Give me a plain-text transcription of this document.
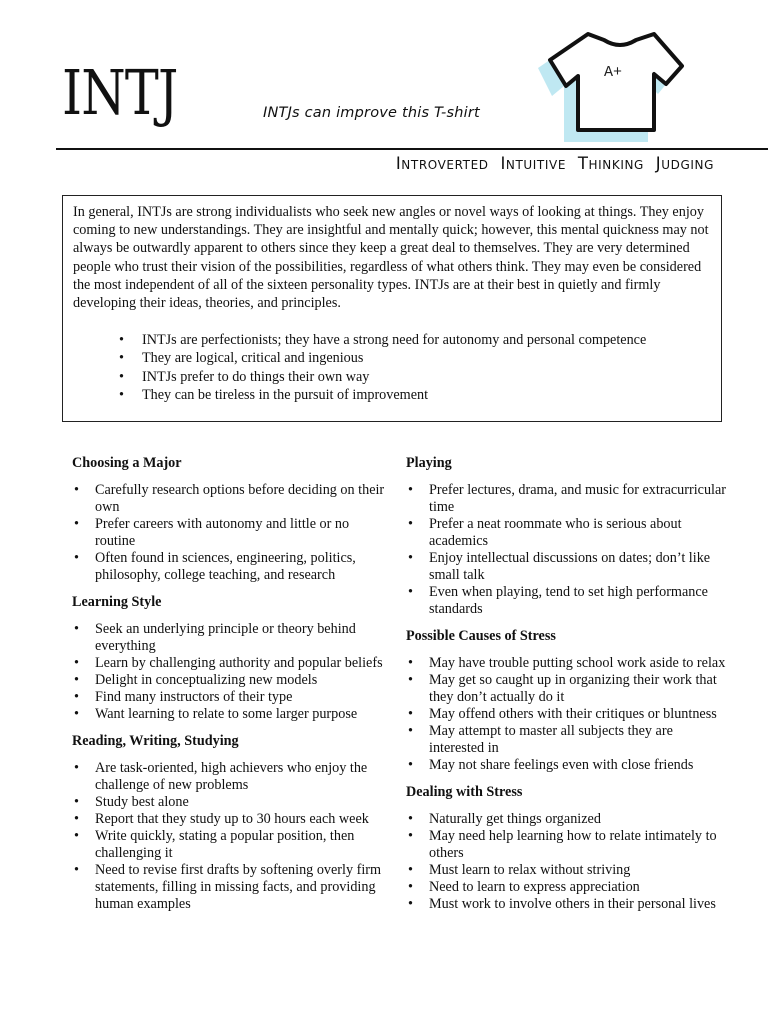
INTJ	INTJs can improve this T-shirt
A+
Introverted Intuitive Thinking Judging

In general, INTJs are strong individualists who seek new angles or novel ways of looking at things. They enjoy coming to new understandings. They are insightful and mentally quick; however, this mental quickness may not always be outwardly apparent to others since they keep a great deal to themselves. They are very determined people who trust their vision of the possibilities, regardless of what others think. They may even be considered the most independent of all of the sixteen personality types. INTJs are at their best in quietly and firmly developing their ideas, theories, and principles.

• INTJs are perfectionists; they have a strong need for autonomy and personal competence
• They are logical, critical and ingenious
• INTJs prefer to do things their own way
• They can be tireless in the pursuit of improvement
Choosing a Major
• Carefully research options before deciding on their own
• Prefer careers with autonomy and little or no routine
• Often found in sciences, engineering, politics, philosophy, college teaching, and research
Learning Style
• Seek an underlying principle or theory behind everything
• Learn by challenging authority and popular beliefs
• Delight in conceptualizing new models
• Find many instructors of their type
• Want learning to relate to some larger purpose
Reading, Writing, Studying
• Are task-oriented, high achievers who enjoy the challenge of new problems
• Study best alone
• Report that they study up to 30 hours each week
• Write quickly, stating a popular position, then challenging it
• Need to revise first drafts by softening overly firm statements, filling in missing facts, and providing human examples
Playing
• Prefer lectures, drama, and music for extracurricular time
• Prefer a neat roommate who is serious about academics
• Enjoy intellectual discussions on dates; don’t like small talk
• Even when playing, tend to set high performance standards
Possible Causes of Stress
• May have trouble putting school work aside to relax
• May get so caught up in organizing their work that they don’t actually do it
• May offend others with their critiques or bluntness
• May attempt to master all subjects they are interested in
• May not share feelings even with close friends
Dealing with Stress
• Naturally get things organized
• May need help learning how to relate intimately to others
• Must learn to relax without striving
• Need to learn to express appreciation
• Must work to involve others in their personal lives
